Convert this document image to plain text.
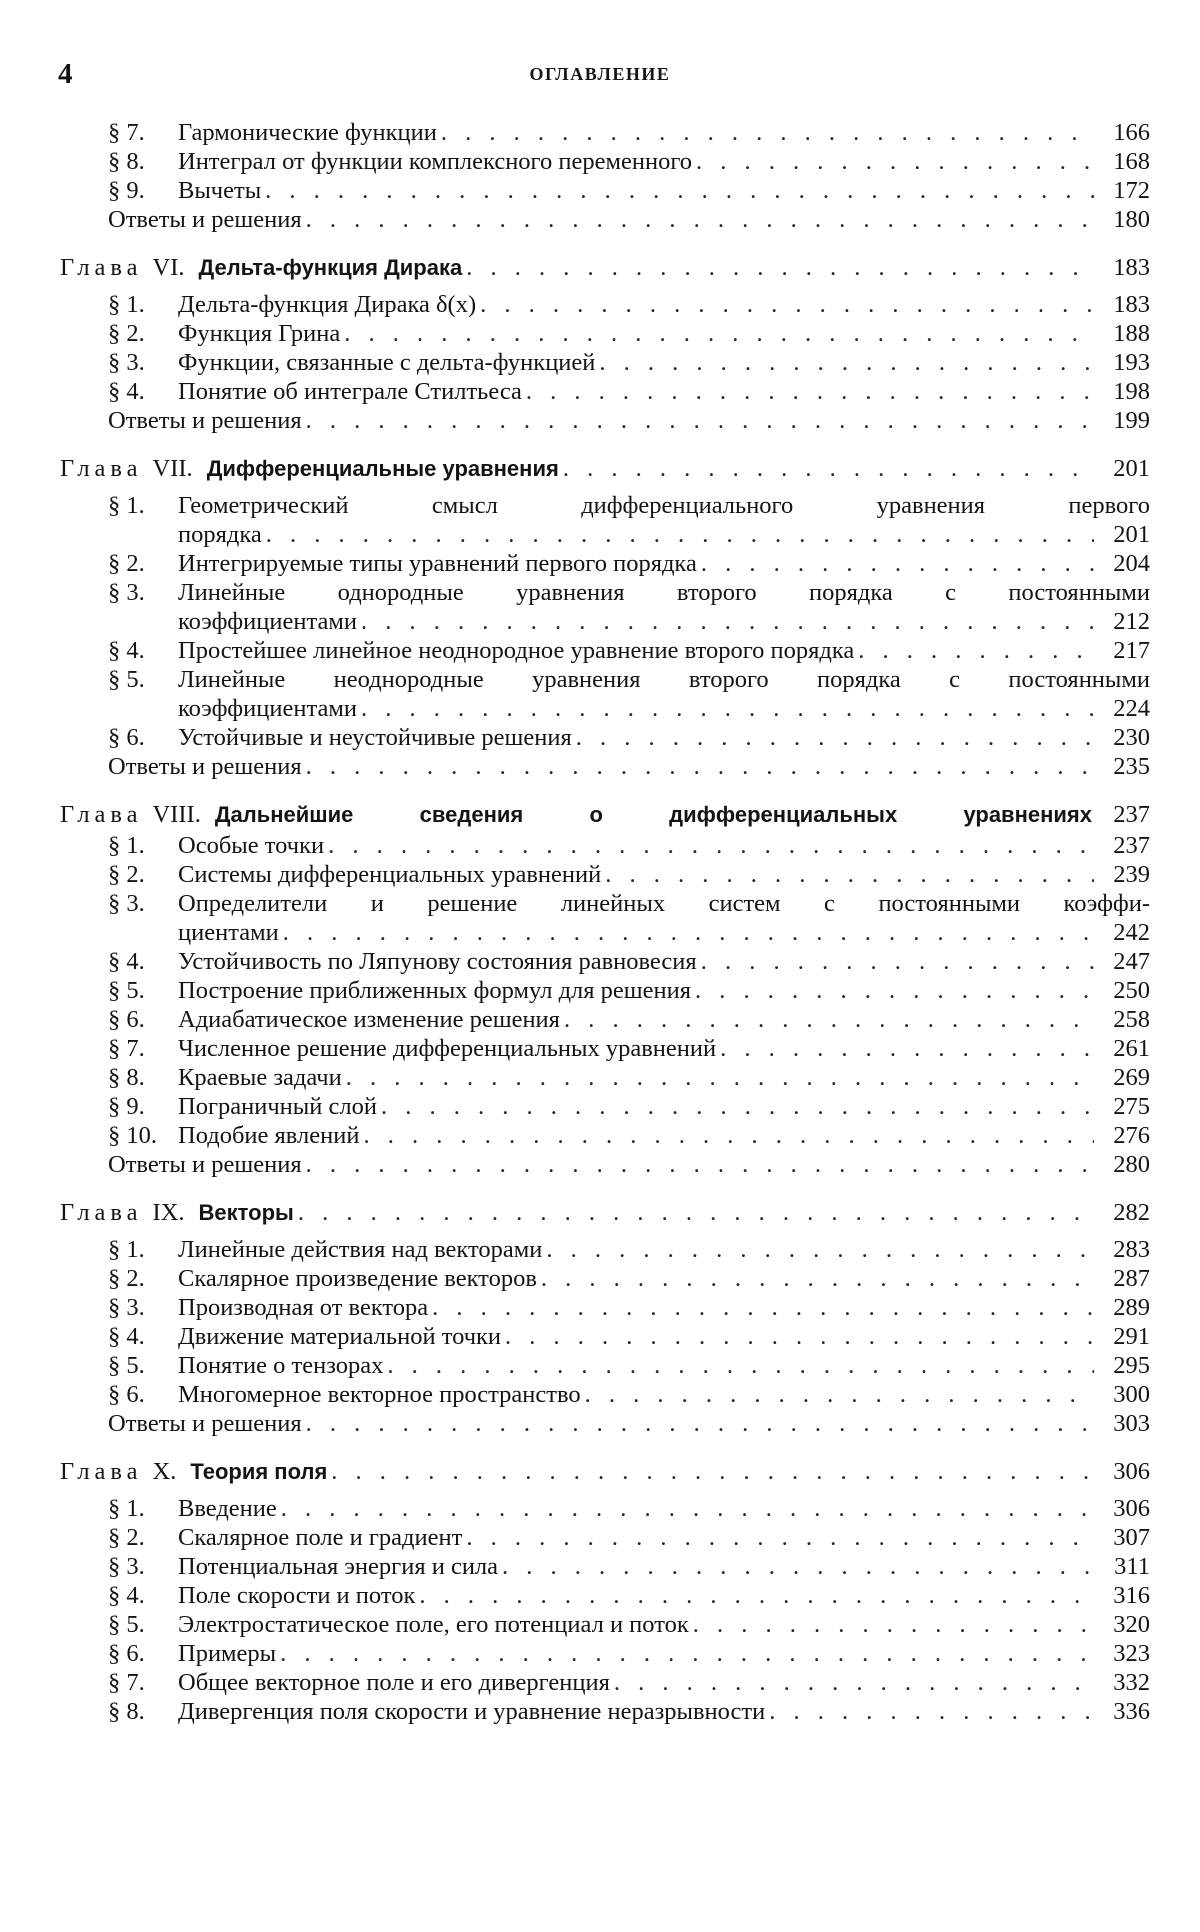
4	ОГЛАВЛЕНИЕ
§ 7.	Гармонические функции . . .	166
§ 8.	Интеграл от функции комплексного переменного . . .	168
§ 9.	Вычеты . . .	172
Ответы и решения . . .	180
Глава VI. Дельта-функция Дирака . . .	183
§ 1.	Дельта-функция Дирака δ(x) . . .	183
§ 2.	Функция Грина . . .	188
§ 3.	Функции, связанные с дельта-функцией . . .	193
§ 4.	Понятие об интеграле Стилтьеса . . .	198
Ответы и решения . . .	199
Глава VII. Дифференциальные уравнения . . .	201
§ 1.	Геометрический смысл дифференциального уравнения первого
порядка . . .	201
§ 2.	Интегрируемые типы уравнений первого порядка . . .	204
§ 3.	Линейные однородные уравнения второго порядка с постоянными
коэффициентами . . .	212
§ 4.	Простейшее линейное неоднородное уравнение второго порядка . . .	217
§ 5.	Линейные неоднородные уравнения второго порядка с постоянными
коэффициентами . . .	224
§ 6.	Устойчивые и неустойчивые решения . . .	230
Ответы и решения . . .	235
Глава VIII. Дальнейшие сведения о дифференциальных уравнениях 237
§ 1.	Особые точки . . .	237
§ 2.	Системы дифференциальных уравнений . . .	239
§ 3.	Определители и решение линейных систем с постоянными коэффи-
циентами . . .	242
§ 4.	Устойчивость по Ляпунову состояния равновесия . . .	247
§ 5.	Построение приближенных формул для решения . . .	250
§ 6.	Адиабатическое изменение решения . . .	258
§ 7.	Численное решение дифференциальных уравнений . . .	261
§ 8.	Краевые задачи . . .	269
§ 9.	Пограничный слой . . .	275
§ 10. Подобие явлений . . .	276
Ответы и решения . . .	280
Глава IX. Векторы . . .	282
§ 1.	Линейные действия над векторами . . .	283
§ 2.	Скалярное произведение векторов . . .	287
§ 3.	Производная от вектора . . .	289
§ 4.	Движение материальной точки . . .	291
§ 5.	Понятие о тензорах . . .	295
§ 6.	Многомерное векторное пространство . . .	300
Ответы и решения . . .	303
Глава X. Теория поля . . .	306
§ 1.	Введение . . .	306
§ 2.	Скалярное поле и градиент . . .	307
§ 3.	Потенциальная энергия и сила . . .	311
§ 4.	Поле скорости и поток . . .	316
§ 5.	Электростатическое поле, его потенциал и поток . . .	320
§ 6.	Примеры . . .	323
§ 7.	Общее векторное поле и его дивергенция . . .	332
§ 8.	Дивергенция поля скорости и уравнение неразрывности . . .	336
